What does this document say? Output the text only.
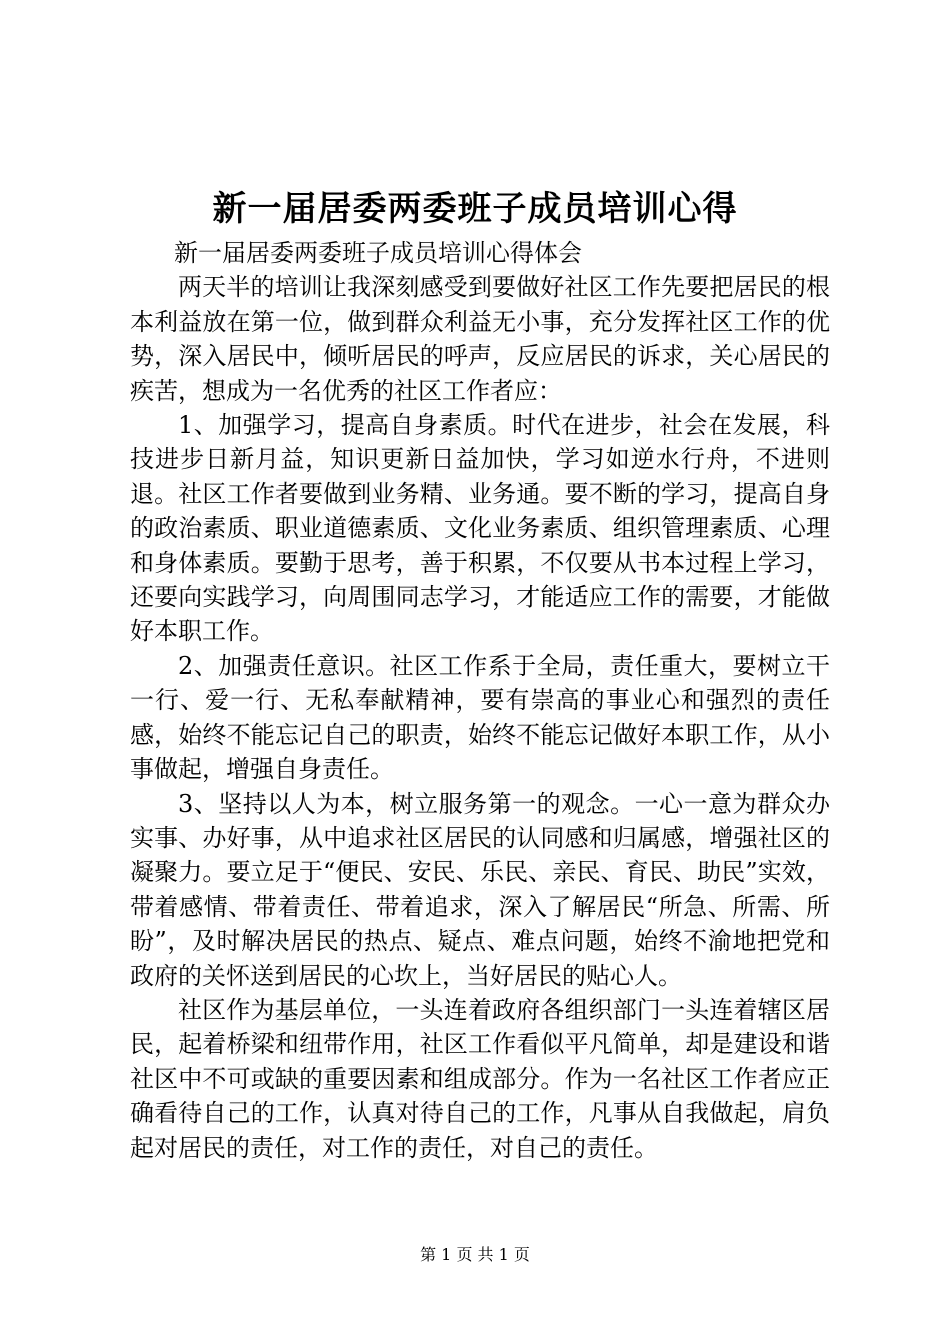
新一届居委两委班子成员培训心得

新一届居委两委班子成员培训心得体会

两天半的培训让我深刻感受到要做好社区工作先要把居民的根本利益放在第一位，做到群众利益无小事，充分发挥社区工作的优势，深入居民中，倾听居民的呼声，反应居民的诉求，关心居民的疾苦，想成为一名优秀的社区工作者应：

1、加强学习，提高自身素质。时代在进步，社会在发展，科技进步日新月益，知识更新日益加快，学习如逆水行舟，不进则退。社区工作者要做到业务精、业务通。要不断的学习，提高自身的政治素质、职业道德素质、文化业务素质、组织管理素质、心理和身体素质。要勤于思考，善于积累，不仅要从书本过程上学习，还要向实践学习，向周围同志学习，才能适应工作的需要，才能做好本职工作。

2、加强责任意识。社区工作系于全局，责任重大，要树立干一行、爱一行、无私奉献精神，要有崇高的事业心和强烈的责任感，始终不能忘记自己的职责，始终不能忘记做好本职工作，从小事做起，增强自身责任。

3、坚持以人为本，树立服务第一的观念。一心一意为群众办实事、办好事，从中追求社区居民的认同感和归属感，增强社区的凝聚力。要立足于“便民、安民、乐民、亲民、育民、助民”实效，带着感情、带着责任、带着追求，深入了解居民“所急、所需、所盼”，及时解决居民的热点、疑点、难点问题，始终不渝地把党和政府的关怀送到居民的心坎上，当好居民的贴心人。

社区作为基层单位，一头连着政府各组织部门一头连着辖区居民，起着桥梁和纽带作用，社区工作看似平凡简单，却是建设和谐社区中不可或缺的重要因素和组成部分。作为一名社区工作者应正确看待自己的工作，认真对待自己的工作，凡事从自我做起，肩负起对居民的责任，对工作的责任，对自己的责任。

第 1 页 共 1 页
